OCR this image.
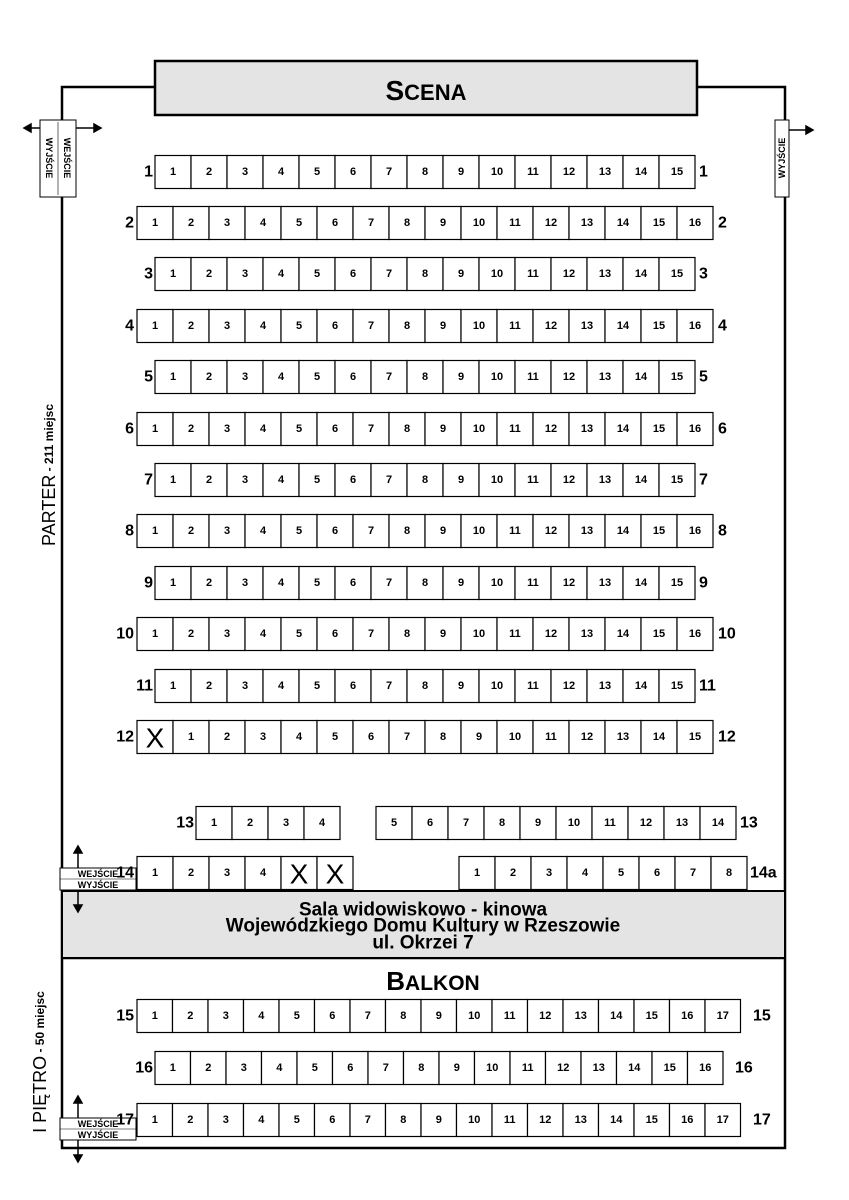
SCENA
Sala widowiskowo - kinowa
Wojewódzkiego Domu Kultury w Rzeszowie
ul. Okrzei 7
BALKON
PARTER - 211 miejsc
I PIĘTRO - 50 miejsc
WEJŚCIE
WYJŚCIE	WYJŚCIE
WEJŚCIE
WYJŚCIE
WEJŚCIE
WYJŚCIE
1 1	2	3	4	5	6	7	8	9 10 11 12 13 14 15 1
2 1	2	3	4	5	6	7	8	9 10 11 12 13 14 15 16 2
3 1	2	3	4	5	6	7	8	9 10 11 12 13 14 15 3
4 1	2	3	4	5	6	7	8	9 10 11 12 13 14 15 16 4
5 1	2	3	4	5	6	7	8	9 10 11 12 13 14 15 5
6 1	2	3	4	5	6	7	8	9 10 11 12 13 14 15 16 6
7 1	2	3	4	5	6	7	8	9 10 11 12 13 14 15 7
8 1	2	3	4	5	6	7	8	9 10 11 12 13 14 15 16 8
9 1	2	3	4	5	6	7	8	9 10 11 12 13 14 15 9
10 1	2	3	4	5	6	7	8	9 10 11 12 13 14 15 16 10
11 1	2	3	4	5	6	7	8	9 10 11 12 13 14 15 11
12 X 1	2	3	4	5	6	7	8	9 10 11 12 13 14 15 12
13 1	2	3	4	5	6	7	8	9 10 11 12 13 14 13
14 1	2	3	4 X X	1	2	3	4	5	6	7	8 14a
15 1	2	3	4	5	6	7	8	9 10 11 12 13 14 15 16 17 15
16 1	2	3	4	5	6	7	8	9 10 11 12 13 14 15 16 16
17 1	2	3	4	5	6	7	8	9 10 11 12 13 14 15 16 17 17
